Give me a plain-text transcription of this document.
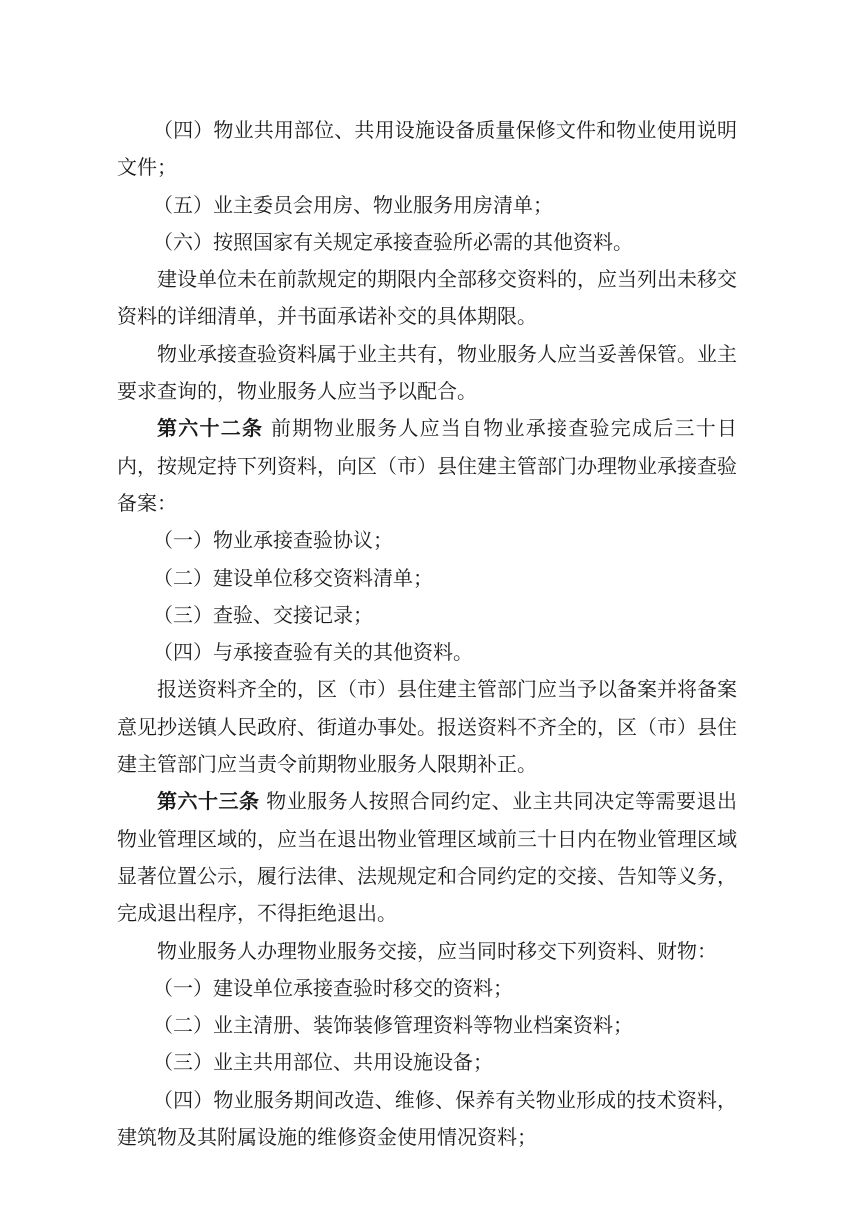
（四）物业共用部位、共用设施设备质量保修文件和物业使用说明文件；

（五）业主委员会用房、物业服务用房清单；

（六）按照国家有关规定承接查验所必需的其他资料。

建设单位未在前款规定的期限内全部移交资料的，应当列出未移交资料的详细清单，并书面承诺补交的具体期限。

物业承接查验资料属于业主共有，物业服务人应当妥善保管。业主要求查询的，物业服务人应当予以配合。

第六十二条 前期物业服务人应当自物业承接查验完成后三十日内，按规定持下列资料，向区（市）县住建主管部门办理物业承接查验备案：

（一）物业承接查验协议；

（二）建设单位移交资料清单；

（三）查验、交接记录；

（四）与承接查验有关的其他资料。

报送资料齐全的，区（市）县住建主管部门应当予以备案并将备案意见抄送镇人民政府、街道办事处。报送资料不齐全的，区（市）县住建主管部门应当责令前期物业服务人限期补正。

第六十三条 物业服务人按照合同约定、业主共同决定等需要退出物业管理区域的，应当在退出物业管理区域前三十日内在物业管理区域显著位置公示，履行法律、法规规定和合同约定的交接、告知等义务，完成退出程序，不得拒绝退出。

物业服务人办理物业服务交接，应当同时移交下列资料、财物：

（一）建设单位承接查验时移交的资料；

（二）业主清册、装饰装修管理资料等物业档案资料；

（三）业主共用部位、共用设施设备；

（四）物业服务期间改造、维修、保养有关物业形成的技术资料，建筑物及其附属设施的维修资金使用情况资料；
